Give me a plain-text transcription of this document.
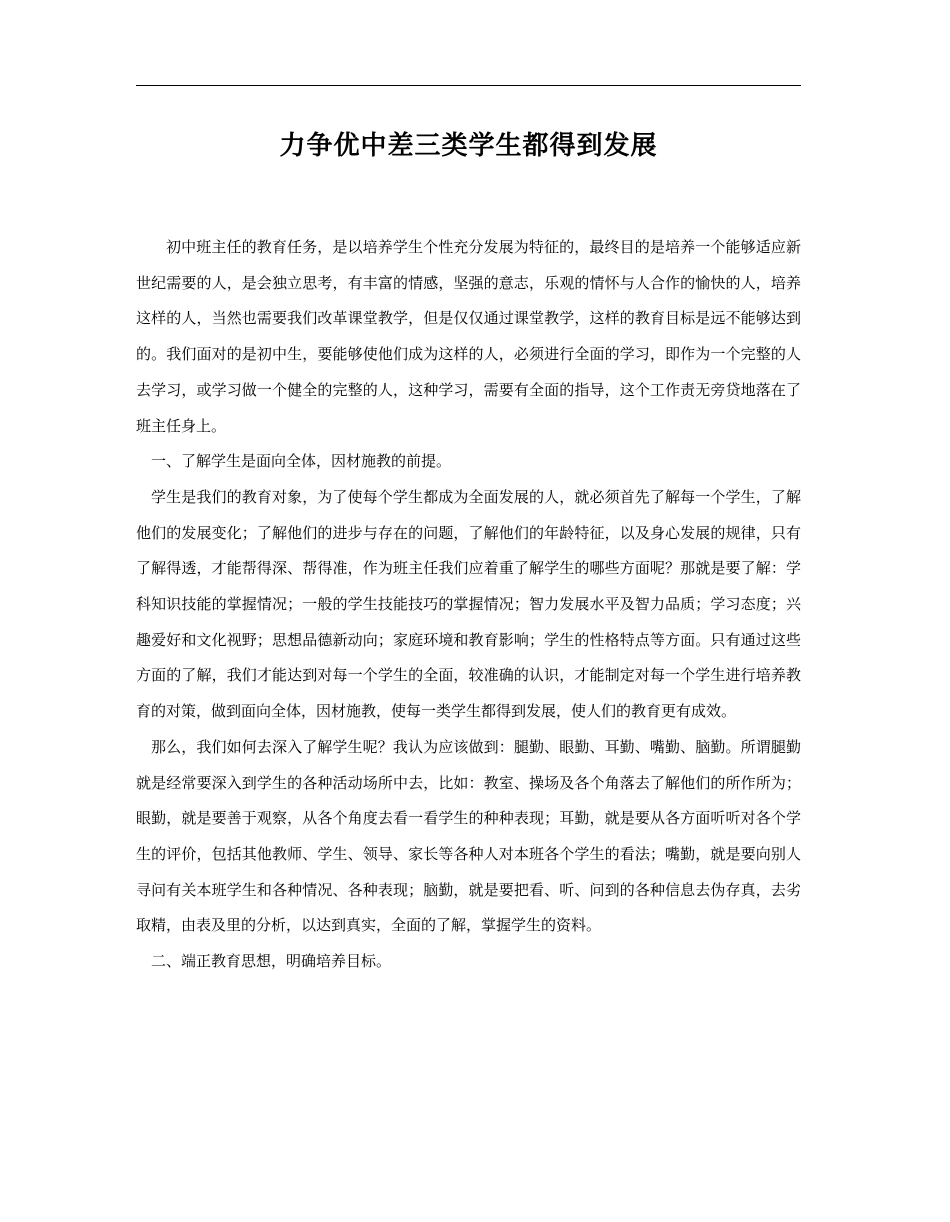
力争优中差三类学生都得到发展

初中班主任的教育任务，是以培养学生个性充分发展为特征的，最终目的是培养一个能够适应新世纪需要的人，是会独立思考，有丰富的情感，坚强的意志，乐观的情怀与人合作的愉快的人，培养这样的人，当然也需要我们改革课堂教学，但是仅仅通过课堂教学，这样的教育目标是远不能够达到的。我们面对的是初中生，要能够使他们成为这样的人，必须进行全面的学习，即作为一个完整的人去学习，或学习做一个健全的完整的人，这种学习，需要有全面的指导，这个工作责无旁贷地落在了班主任身上。

一、了解学生是面向全体，因材施教的前提。

学生是我们的教育对象，为了使每个学生都成为全面发展的人，就必须首先了解每一个学生，了解他们的发展变化；了解他们的进步与存在的问题，了解他们的年龄特征，以及身心发展的规律，只有了解得透，才能帮得深、帮得准，作为班主任我们应着重了解学生的哪些方面呢？那就是要了解：学科知识技能的掌握情况；一般的学生技能技巧的掌握情况；智力发展水平及智力品质；学习态度；兴趣爱好和文化视野；思想品德新动向；家庭环境和教育影响；学生的性格特点等方面。只有通过这些方面的了解，我们才能达到对每一个学生的全面，较准确的认识，才能制定对每一个学生进行培养教育的对策，做到面向全体，因材施教，使每一类学生都得到发展，使人们的教育更有成效。

那么，我们如何去深入了解学生呢？我认为应该做到：腿勤、眼勤、耳勤、嘴勤、脑勤。所谓腿勤就是经常要深入到学生的各种活动场所中去，比如：教室、操场及各个角落去了解他们的所作所为；眼勤，就是要善于观察，从各个角度去看一看学生的种种表现；耳勤，就是要从各方面听听对各个学生的评价，包括其他教师、学生、领导、家长等各种人对本班各个学生的看法；嘴勤，就是要向别人寻问有关本班学生和各种情况、各种表现；脑勤，就是要把看、听、问到的各种信息去伪存真，去劣取精，由表及里的分析，以达到真实，全面的了解，掌握学生的资料。

二、端正教育思想，明确培养目标。
